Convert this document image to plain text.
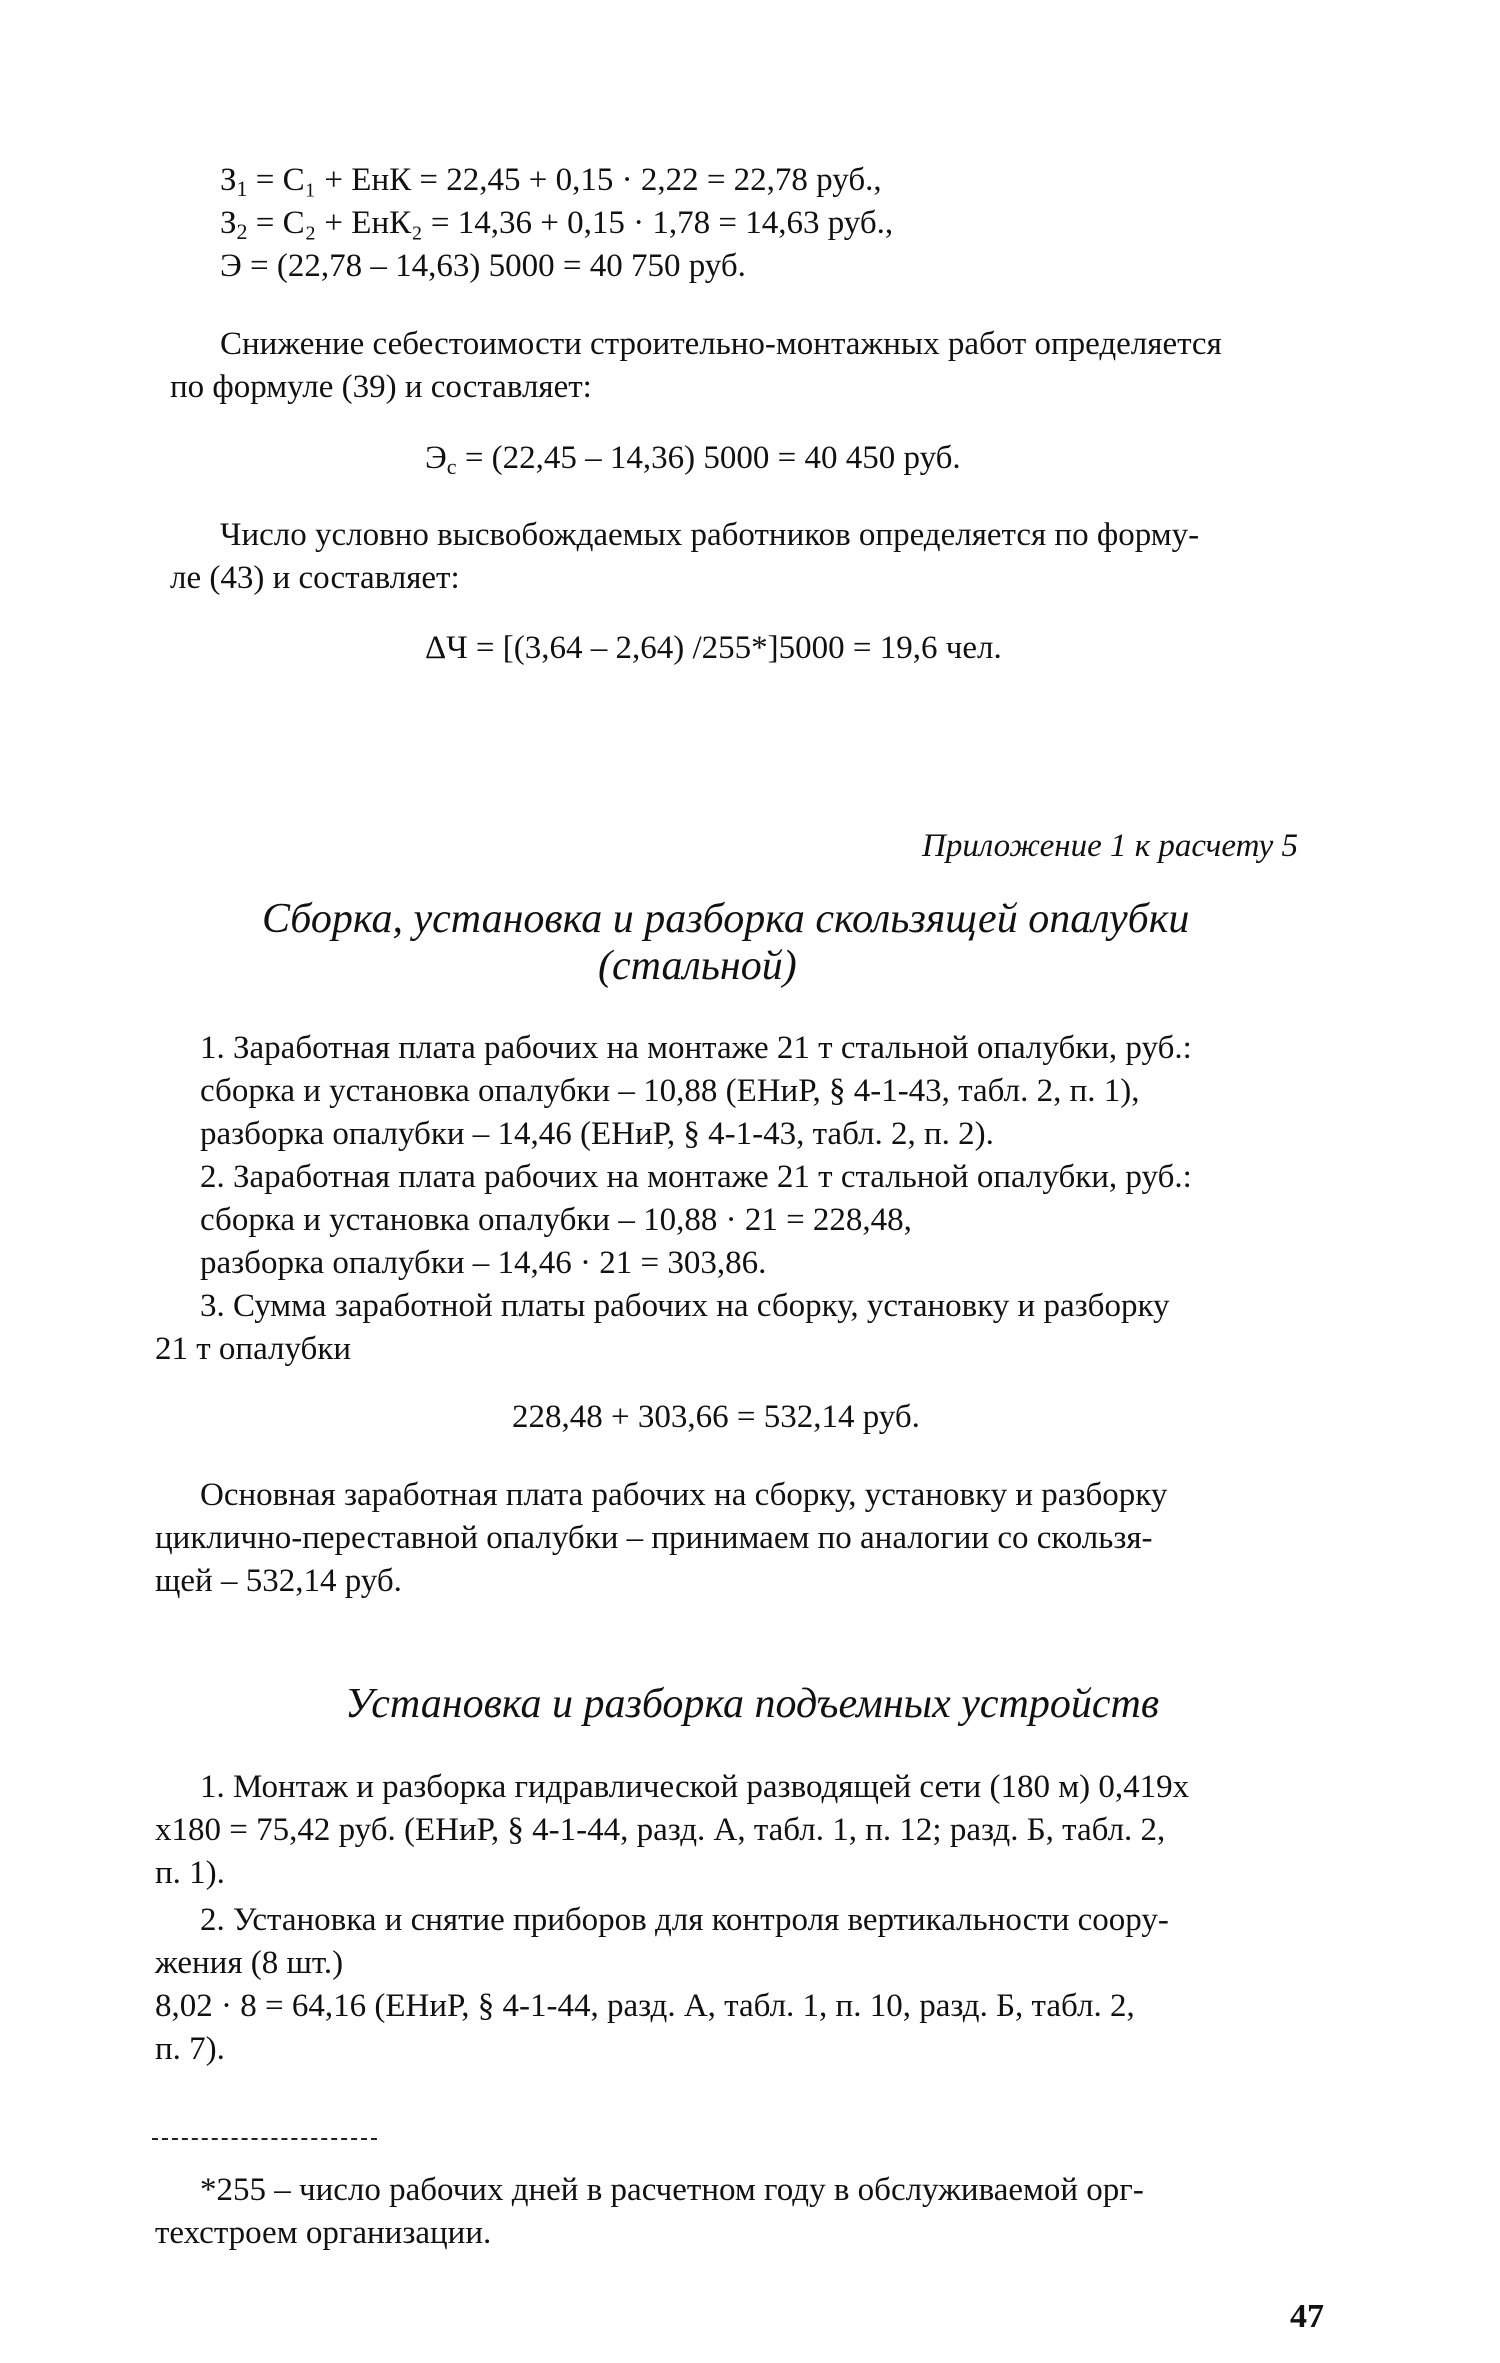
$З_1 = С_1$ + ЕнК = 22,45 + 0,15 · 2,22 = 22,78 руб.,
$З_2 = С_2 + ЕнК_2 = 14,36 + 0,15 \cdot 1,78 = 14,63$ руб.,
Э = (22,78 – 14,63) 5000 = 40 750 руб.
Снижение себестоимости строительно-монтажных работ определяется
по формуле (39) и составляет:
$Э_с = (22,45 - 14,36) 5000 = 40$ 450 руб.
Число условно высвобождаемых работников определяется по форму-
ле (43) и составляет:
ΔЧ = [(3,64 – 2,64) /255*]5000 = 19,6 чел.
Приложение 1 к расчету 5
Сборка, установка и разборка скользящей опалубки
(стальной)
1. Заработная плата рабочих на монтаже 21 т стальной опалубки, руб.:
сборка и установка опалубки – 10,88 (ЕНиР, § 4-1-43, табл. 2, п. 1),
разборка опалубки – 14,46 (ЕНиР, § 4-1-43, табл. 2, п. 2).
2. Заработная плата рабочих на монтаже 21 т стальной опалубки, руб.:
сборка и установка опалубки – 10,88 · 21 = 228,48,
разборка опалубки – 14,46 · 21 = 303,86.
3. Сумма заработной платы рабочих на сборку, установку и разборку
21 т опалубки
228,48 + 303,66 = 532,14 руб.
Основная заработная плата рабочих на сборку, установку и разборку
циклично-переставной опалубки – принимаем по аналогии со скользя-
щей – 532,14 руб.
Установка и разборка подъемных устройств
1. Монтаж и разборка гидравлической разводящей сети (180 м) 0,419х
х180 = 75,42 руб. (ЕНиР, § 4-1-44, разд. А, табл. 1, п. 12; разд. Б, табл. 2,
п. 1).
2. Установка и снятие приборов для контроля вертикальности соору-
жения (8 шт.)
8,02 · 8 = 64,16 (ЕНиР, § 4-1-44, разд. А, табл. 1, п. 10, разд. Б, табл. 2,
п. 7).
*255 – число рабочих дней в расчетном году в обслуживаемой орг-
техстроем организации.
47
